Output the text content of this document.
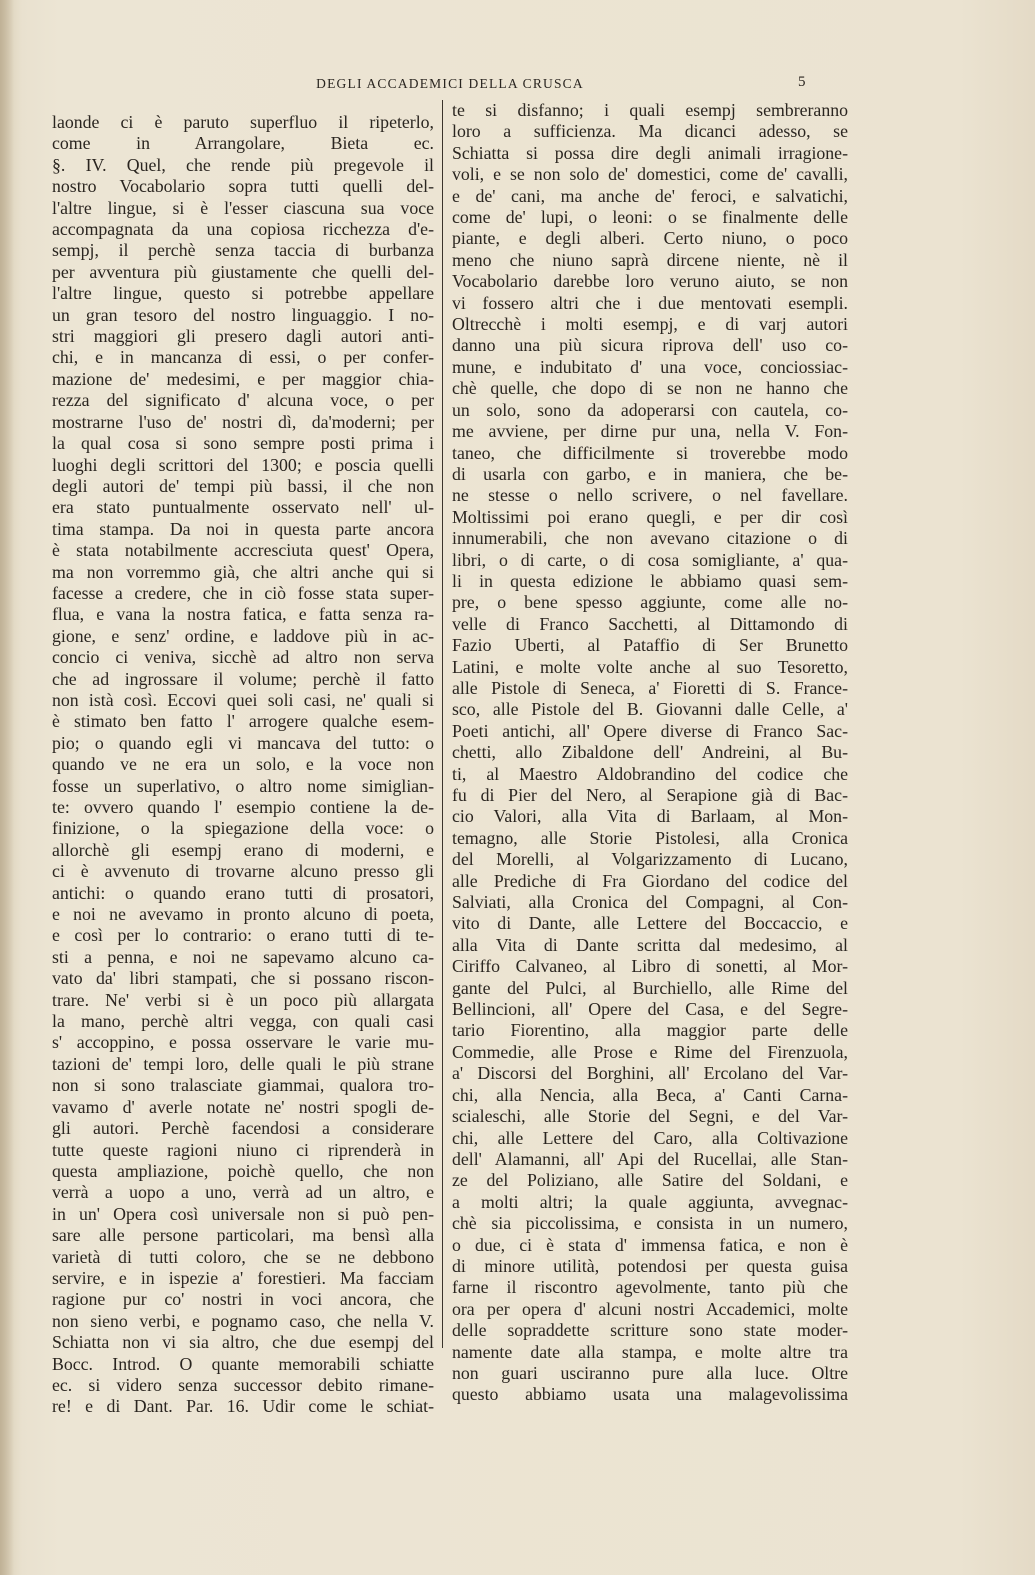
DEGLI ACCADEMICI DELLA CRUSCA	5
laonde ci è paruto superfluo il ripeterlo,
come in Arrangolare, Bieta ec.
§. IV. Quel, che rende più pregevole il
nostro Vocabolario sopra tutti quelli del-
l'altre lingue, si è l'esser ciascuna sua voce
accompagnata da una copiosa ricchezza d'e-
sempj, il perchè senza taccia di burbanza
per avventura più giustamente che quelli del-
l'altre lingue, questo si potrebbe appellare
un gran tesoro del nostro linguaggio. I no-
stri maggiori gli presero dagli autori anti-
chi, e in mancanza di essi, o per confer-
mazione de' medesimi, e per maggior chia-
rezza del significato d' alcuna voce, o per
mostrarne l'uso de' nostri dì, da'moderni; per
la qual cosa si sono sempre posti prima i
luoghi degli scrittori del 1300; e poscia quelli
degli autori de' tempi più bassi, il che non
era stato puntualmente osservato nell' ul-
tima stampa. Da noi in questa parte ancora
è stata notabilmente accresciuta quest' Opera,
ma non vorremmo già, che altri anche qui si
facesse a credere, che in ciò fosse stata super-
flua, e vana la nostra fatica, e fatta senza ra-
gione, e senz' ordine, e laddove più in ac-
concio ci veniva, sicchè ad altro non serva
che ad ingrossare il volume; perchè il fatto
non istà così. Eccovi quei soli casi, ne' quali si
è stimato ben fatto l' arrogere qualche esem-
pio; o quando egli vi mancava del tutto: o
quando ve ne era un solo, e la voce non
fosse un superlativo, o altro nome simiglian-
te: ovvero quando l' esempio contiene la de-
finizione, o la spiegazione della voce: o
allorchè gli esempj erano di moderni, e
ci è avvenuto di trovarne alcuno presso gli
antichi: o quando erano tutti di prosatori,
e noi ne avevamo in pronto alcuno di poeta,
e così per lo contrario: o erano tutti di te-
sti a penna, e noi ne sapevamo alcuno ca-
vato da' libri stampati, che si possano riscon-
trare. Ne' verbi si è un poco più allargata
la mano, perchè altri vegga, con quali casi
s' accoppino, e possa osservare le varie mu-
tazioni de' tempi loro, delle quali le più strane
non si sono tralasciate giammai, qualora tro-
vavamo d' averle notate ne' nostri spogli de-
gli autori. Perchè facendosi a considerare
tutte queste ragioni niuno ci riprenderà in
questa ampliazione, poichè quello, che non
verrà a uopo a uno, verrà ad un altro, e
in un' Opera così universale non si può pen-
sare alle persone particolari, ma bensì alla
varietà di tutti coloro, che se ne debbono
servire, e in ispezie a' forestieri. Ma facciam
ragione pur co' nostri in voci ancora, che
non sieno verbi, e pognamo caso, che nella V.
Schiatta non vi sia altro, che due esempj del
Bocc. Introd. O quante memorabili schiatte
ec. si videro senza successor debito rimane-
re! e di Dant. Par. 16. Udir come le schiat-
te si disfanno; i quali esempj sembreranno
loro a sufficienza. Ma dicanci adesso, se
Schiatta si possa dire degli animali irragione-
voli, e se non solo de' domestici, come de' cavalli,
e de' cani, ma anche de' feroci, e salvatichi,
come de' lupi, o leoni: o se finalmente delle
piante, e degli alberi. Certo niuno, o poco
meno che niuno saprà dircene niente, nè il
Vocabolario darebbe loro veruno aiuto, se non
vi fossero altri che i due mentovati esempli.
Oltrecchè i molti esempj, e di varj autori
danno una più sicura riprova dell' uso co-
mune, e indubitato d' una voce, conciossiac-
chè quelle, che dopo di se non ne hanno che
un solo, sono da adoperarsi con cautela, co-
me avviene, per dirne pur una, nella V. Fon-
taneo, che difficilmente si troverebbe modo
di usarla con garbo, e in maniera, che be-
ne stesse o nello scrivere, o nel favellare.
Moltissimi poi erano quegli, e per dir così
innumerabili, che non avevano citazione o di
libri, o di carte, o di cosa somigliante, a' qua-
li in questa edizione le abbiamo quasi sem-
pre, o bene spesso aggiunte, come alle no-
velle di Franco Sacchetti, al Dittamondo di
Fazio Uberti, al Pataffio di Ser Brunetto
Latini, e molte volte anche al suo Tesoretto,
alle Pistole di Seneca, a' Fioretti di S. France-
sco, alle Pistole del B. Giovanni dalle Celle, a'
Poeti antichi, all' Opere diverse di Franco Sac-
chetti, allo Zibaldone dell' Andreini, al Bu-
ti, al Maestro Aldobrandino del codice che
fu di Pier del Nero, al Serapione già di Bac-
cio Valori, alla Vita di Barlaam, al Mon-
temagno, alle Storie Pistolesi, alla Cronica
del Morelli, al Volgarizzamento di Lucano,
alle Prediche di Fra Giordano del codice del
Salviati, alla Cronica del Compagni, al Con-
vito di Dante, alle Lettere del Boccaccio, e
alla Vita di Dante scritta dal medesimo, al
Ciriffo Calvaneo, al Libro di sonetti, al Mor-
gante del Pulci, al Burchiello, alle Rime del
Bellincioni, all' Opere del Casa, e del Segre-
tario Fiorentino, alla maggior parte delle
Commedie, alle Prose e Rime del Firenzuola,
a' Discorsi del Borghini, all' Ercolano del Var-
chi, alla Nencia, alla Beca, a' Canti Carna-
scialeschi, alle Storie del Segni, e del Var-
chi, alle Lettere del Caro, alla Coltivazione
dell' Alamanni, all' Api del Rucellai, alle Stan-
ze del Poliziano, alle Satire del Soldani, e
a molti altri; la quale aggiunta, avvegnac-
chè sia piccolissima, e consista in un numero,
o due, ci è stata d' immensa fatica, e non è
di minore utilità, potendosi per questa guisa
farne il riscontro agevolmente, tanto più che
ora per opera d' alcuni nostri Accademici, molte
delle sopraddette scritture sono state moder-
namente date alla stampa, e molte altre tra
non guari usciranno pure alla luce. Oltre
questo abbiamo usata una malagevolissima
